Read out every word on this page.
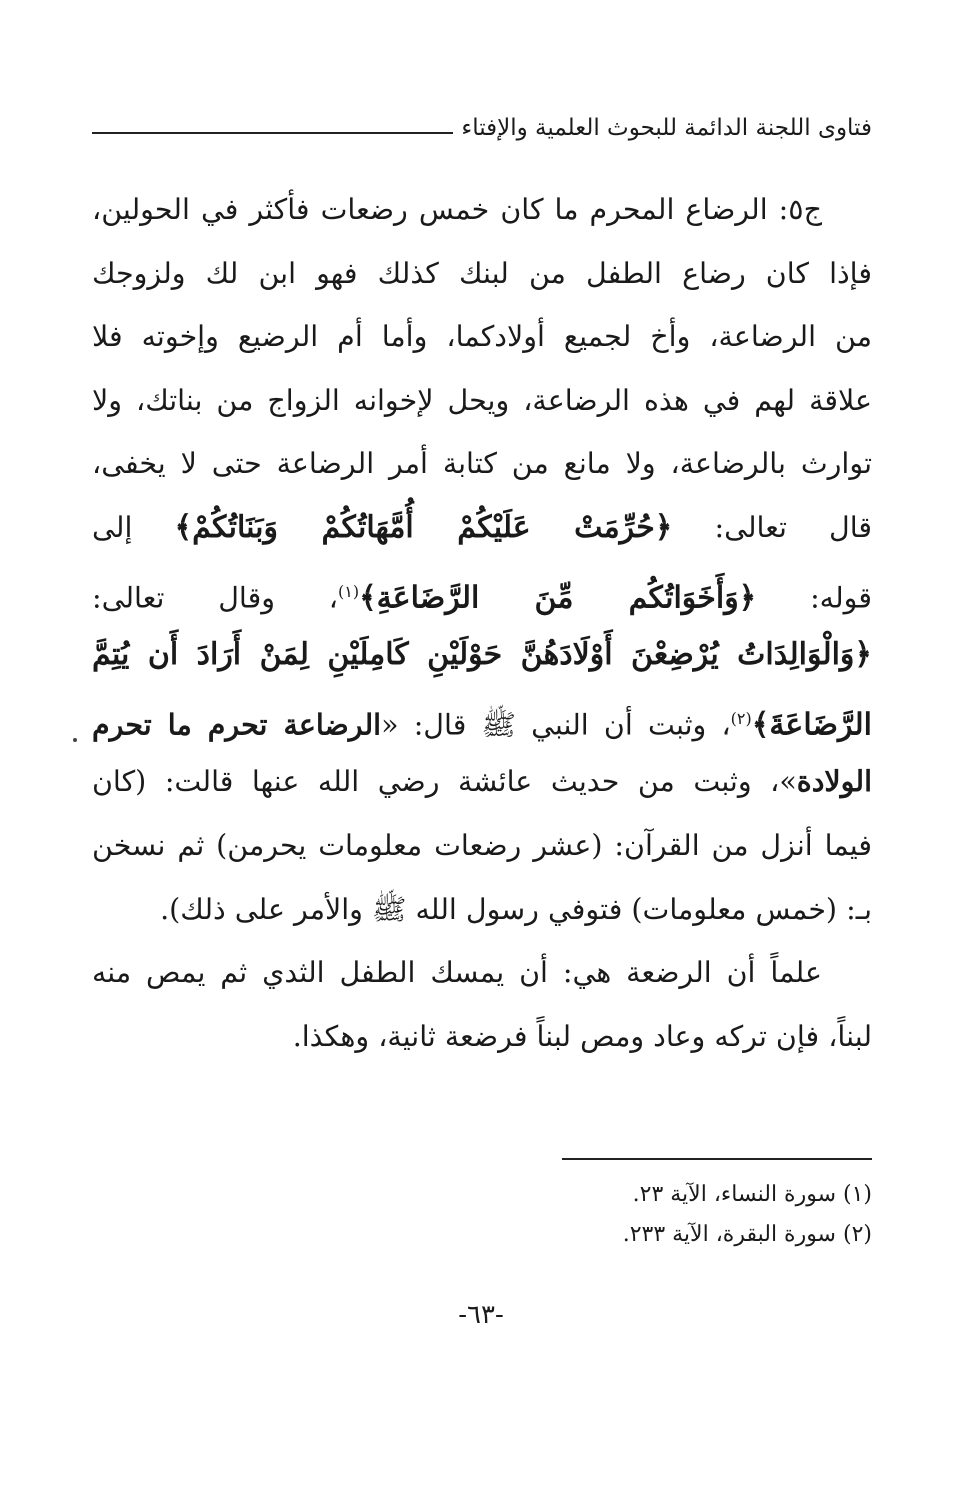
فتاوى اللجنة الدائمة للبحوث العلمية والإفتاء
ج٥: الرضاع المحرم ما كان خمس رضعات فأكثر في الحولين،
فإذا كان رضاع الطفل من لبنك كذلك فهو ابن لك ولزوجك
من الرضاعة، وأخ لجميع أولادكما، وأما أم الرضيع وإخوته فلا
علاقة لهم في هذه الرضاعة، ويحل لإخوانه الزواج من بناتك، ولا
توارث بالرضاعة، ولا مانع من كتابة أمر الرضاعة حتى لا يخفى،
قال تعالى: ﴿حُرِّمَتْ عَلَيْكُمْ أُمَّهَاتُكُمْ وَبَنَاتُكُمْ﴾ إلى
قوله: ﴿وَأَخَوَاتُكُم مِّنَ الرَّضَاعَةِ﴾$^{(١)}$، وقال تعالى:
﴿وَالْوَالِدَاتُ يُرْضِعْنَ أَوْلَادَهُنَّ حَوْلَيْنِ كَامِلَيْنِ لِمَنْ أَرَادَ أَن يُتِمَّ
الرَّضَاعَةَ﴾$^{(٢)}$، وثبت أن النبي ﷺ قال: «الرضاعة تحرم ما تحرم
الولادة»، وثبت من حديث عائشة رضي الله عنها قالت: (كان
فيما أنزل من القرآن: (عشر رضعات معلومات يحرمن) ثم نسخن
بـ: (خمس معلومات) فتوفي رسول الله ﷺ والأمر على ذلك).
علماً أن الرضعة هي: أن يمسك الطفل الثدي ثم يمص منه
لبناً، فإن تركه وعاد ومص لبناً فرضعة ثانية، وهكذا.
(١) سورة النساء، الآية ٢٣.
(٢) سورة البقرة، الآية ٢٣٣.
-٦٣-
